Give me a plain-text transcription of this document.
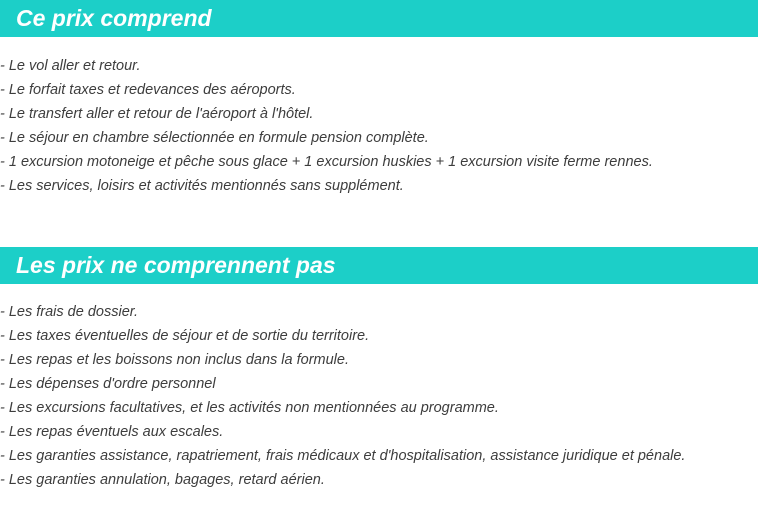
Ce prix comprend
- Le vol aller et retour.
- Le forfait taxes et redevances des aéroports.
- Le transfert aller et retour de l'aéroport à l'hôtel.
- Le séjour en chambre sélectionnée en formule pension complète.
- 1 excursion motoneige et pêche sous glace + 1 excursion huskies + 1 excursion visite ferme rennes.
- Les services, loisirs et activités mentionnés sans supplément.
Les prix ne comprennent pas
- Les frais de dossier.
- Les taxes éventuelles de séjour et de sortie du territoire.
- Les repas et les boissons non inclus dans la formule.
- Les dépenses d'ordre personnel
- Les excursions facultatives, et les activités non mentionnées au programme.
- Les repas éventuels aux escales.
- Les garanties assistance, rapatriement, frais médicaux et d'hospitalisation, assistance juridique et pénale.
- Les garanties annulation, bagages, retard aérien.
